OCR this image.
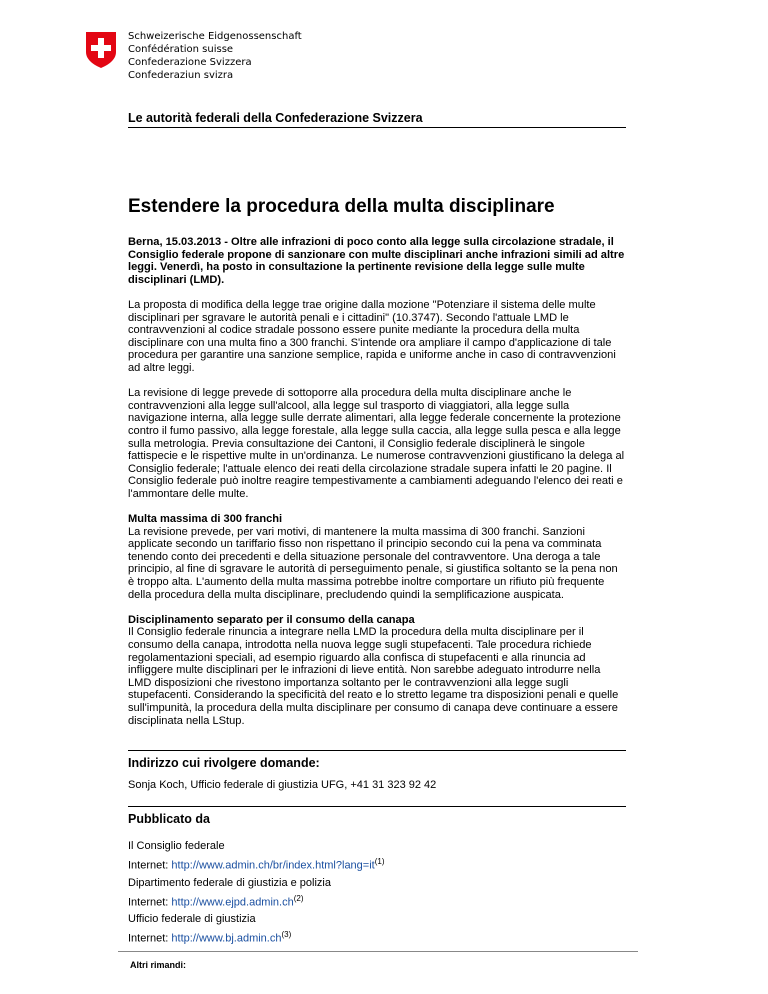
Schweizerische Eidgenossenschaft
Confédération suisse
Confederazione Svizzera
Confederaziun svizra
Le autorità federali della Confederazione Svizzera
Estendere la procedura della multa disciplinare

Berna, 15.03.2013 - Oltre alle infrazioni di poco conto alla legge sulla circolazione stradale, il Consiglio federale propone di sanzionare con multe disciplinari anche infrazioni simili ad altre leggi. Venerdì, ha posto in consultazione la pertinente revisione della legge sulle multe disciplinari (LMD).

La proposta di modifica della legge trae origine dalla mozione "Potenziare il sistema delle multe disciplinari per sgravare le autorità penali e i cittadini" (10.3747). Secondo l'attuale LMD le contravvenzioni al codice stradale possono essere punite mediante la procedura della multa disciplinare con una multa fino a 300 franchi. S'intende ora ampliare il campo d'applicazione di tale procedura per garantire una sanzione semplice, rapida e uniforme anche in caso di contravvenzioni ad altre leggi.

La revisione di legge prevede di sottoporre alla procedura della multa disciplinare anche le contravvenzioni alla legge sull'alcool, alla legge sul trasporto di viaggiatori, alla legge sulla navigazione interna, alla legge sulle derrate alimentari, alla legge federale concernente la protezione contro il fumo passivo, alla legge forestale, alla legge sulla caccia, alla legge sulla pesca e alla legge sulla metrologia. Previa consultazione dei Cantoni, il Consiglio federale disciplinerà le singole fattispecie e le rispettive multe in un'ordinanza. Le numerose contravvenzioni giustificano la delega al Consiglio federale; l'attuale elenco dei reati della circolazione stradale supera infatti le 20 pagine. Il Consiglio federale può inoltre reagire tempestivamente a cambiamenti adeguando l'elenco dei reati e l'ammontare delle multe.

Multa massima di 300 franchi
La revisione prevede, per vari motivi, di mantenere la multa massima di 300 franchi. Sanzioni applicate secondo un tariffario fisso non rispettano il principio secondo cui la pena va comminata tenendo conto dei precedenti e della situazione personale del contravventore. Una deroga a tale principio, al fine di sgravare le autorità di perseguimento penale, si giustifica soltanto se la pena non è troppo alta. L'aumento della multa massima potrebbe inoltre comportare un rifiuto più frequente della procedura della multa disciplinare, precludendo quindi la semplificazione auspicata.

Disciplinamento separato per il consumo della canapa
Il Consiglio federale rinuncia a integrare nella LMD la procedura della multa disciplinare per il consumo della canapa, introdotta nella nuova legge sugli stupefacenti. Tale procedura richiede regolamentazioni speciali, ad esempio riguardo alla confisca di stupefacenti e alla rinuncia ad infliggere multe disciplinari per le infrazioni di lieve entità. Non sarebbe adeguato introdurre nella LMD disposizioni che rivestono importanza soltanto per le contravvenzioni alla legge sugli stupefacenti. Considerando la specificità del reato e lo stretto legame tra disposizioni penali e quelle sull'impunità, la procedura della multa disciplinare per consumo di canapa deve continuare a essere disciplinata nella LStup.

Indirizzo cui rivolgere domande:
Sonja Koch, Ufficio federale di giustizia UFG, +41 31 323 92 42
Pubblicato da
Il Consiglio federale
Internet: $http://www.admin.ch/br/index.html?lang=it^{(1)}$
Dipartimento federale di giustizia e polizia
Internet: $http://www.ejpd.admin.ch^{(2)}$
Ufficio federale di giustizia
Internet: $http://www.bj.admin.ch^{(3)}$
Altri rimandi:
